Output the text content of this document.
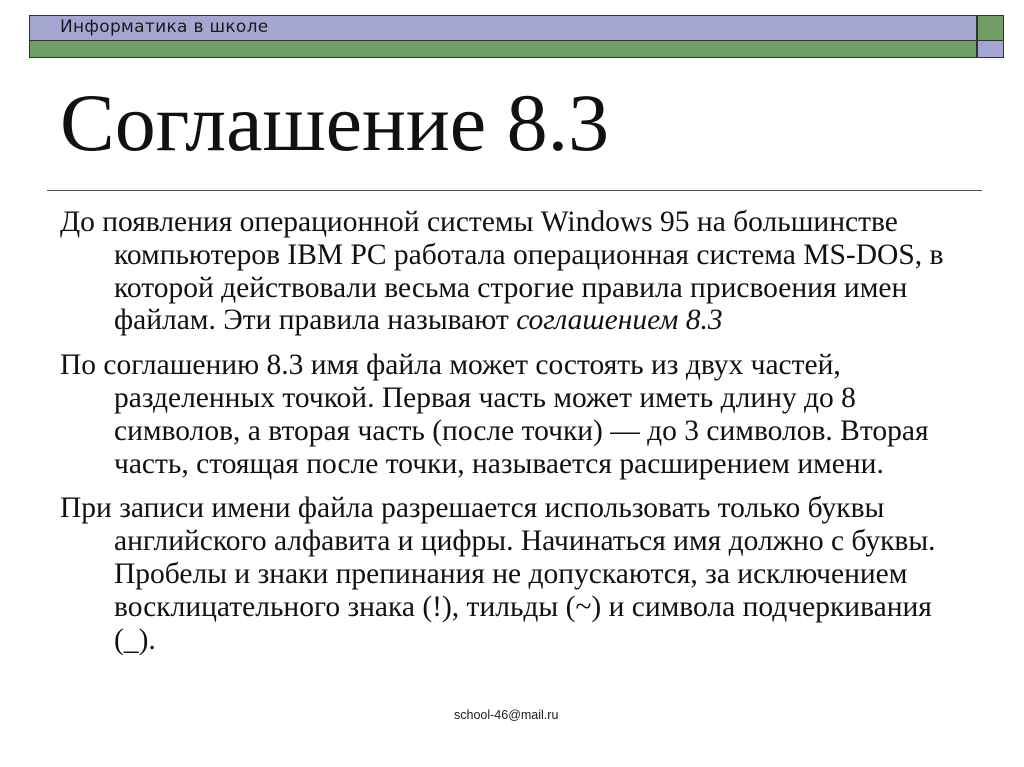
Информатика в школе
Соглашение 8.3

До появления операционной системы Windows 95 на большинстве компьютеров IBM PC работала операционная система MS-DOS, в которой действовали весьма строгие правила присвоения имен файлам. Эти правила называют соглашением 8.3

По соглашению 8.3 имя файла может состоять из двух частей, разделенных точкой. Первая часть может иметь длину до 8 символов, а вторая часть (после точки) — до 3 символов. Вторая часть, стоящая после точки, называется расширением имени.

При записи имени файла разрешается использовать только буквы английского алфавита и цифры. Начинаться имя должно с буквы. Пробелы и знаки препинания не допускаются, за исключением восклицательного знака (!), тильды (~) и символа подчеркивания (_).

school-46@mail.ru
